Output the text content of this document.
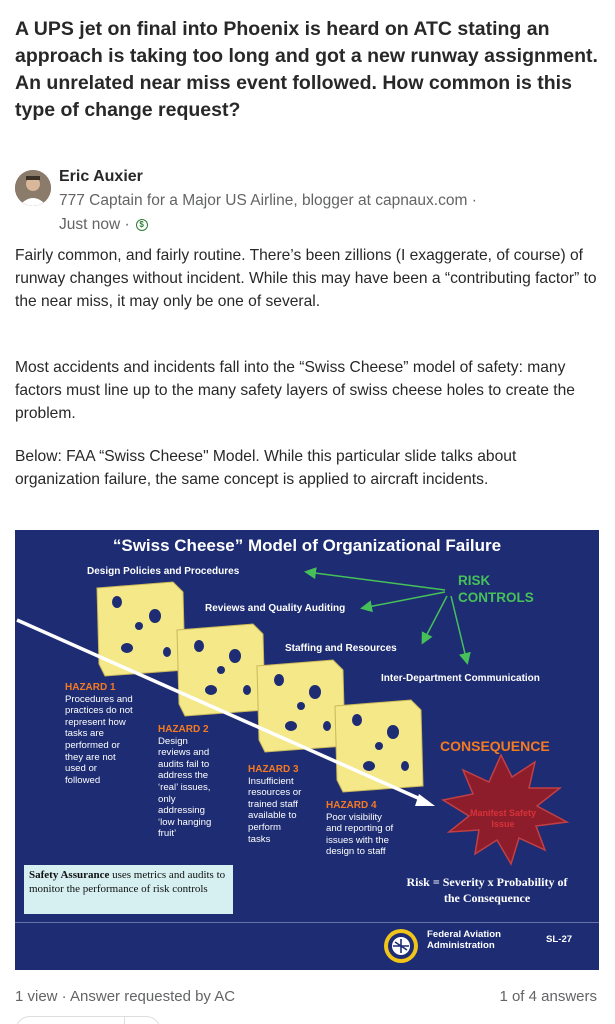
A UPS jet on final into Phoenix is heard on ATC stating an approach is taking too long and got a new runway assignment. An unrelated near miss event followed. How common is this type of change request?
Eric Auxier
777 Captain for a Major US Airline, blogger at capnaux.com ·
Just now ·	$

Fairly common, and fairly routine. There’s been zillions (I exaggerate, of course) of runway changes without incident. While this may have been a “contributing factor” to the near miss, it may only be one of several.

Most accidents and incidents fall into the “Swiss Cheese” model of safety: many factors must line up to the many safety layers of swiss cheese holes to create the problem.

Below: FAA “Swiss Cheese" Model. While this particular slide talks about organization failure, the same concept is applied to aircraft incidents.

“Swiss Cheese” Model of Organizational Failure
Design Policies and Procedures
Reviews and Quality Auditing
Staffing and Resources
Inter-Department Communication
RISK
CONTROLS
HAZARD 1
Procedures and
practices do not
represent how
tasks are
performed or
they are not
used or
followed
HAZARD 2
Design
reviews and
audits fail to
address the
‘real’ issues,
only
addressing
‘low hanging
fruit’
HAZARD 3
Insufficient
resources or
trained staff
available to
perform
tasks
HAZARD 4
Poor visibility
and reporting of
issues with the
design to staff
CONSEQUENCE
Manifest Safety
Issue
Safety Assurance uses metrics and audits to monitor the performance of risk controls	Risk = Severity x Probability of
the Consequence
Federal Aviation
Administration
SL-27
1 view · Answer requested by AC	1 of 4 answers
